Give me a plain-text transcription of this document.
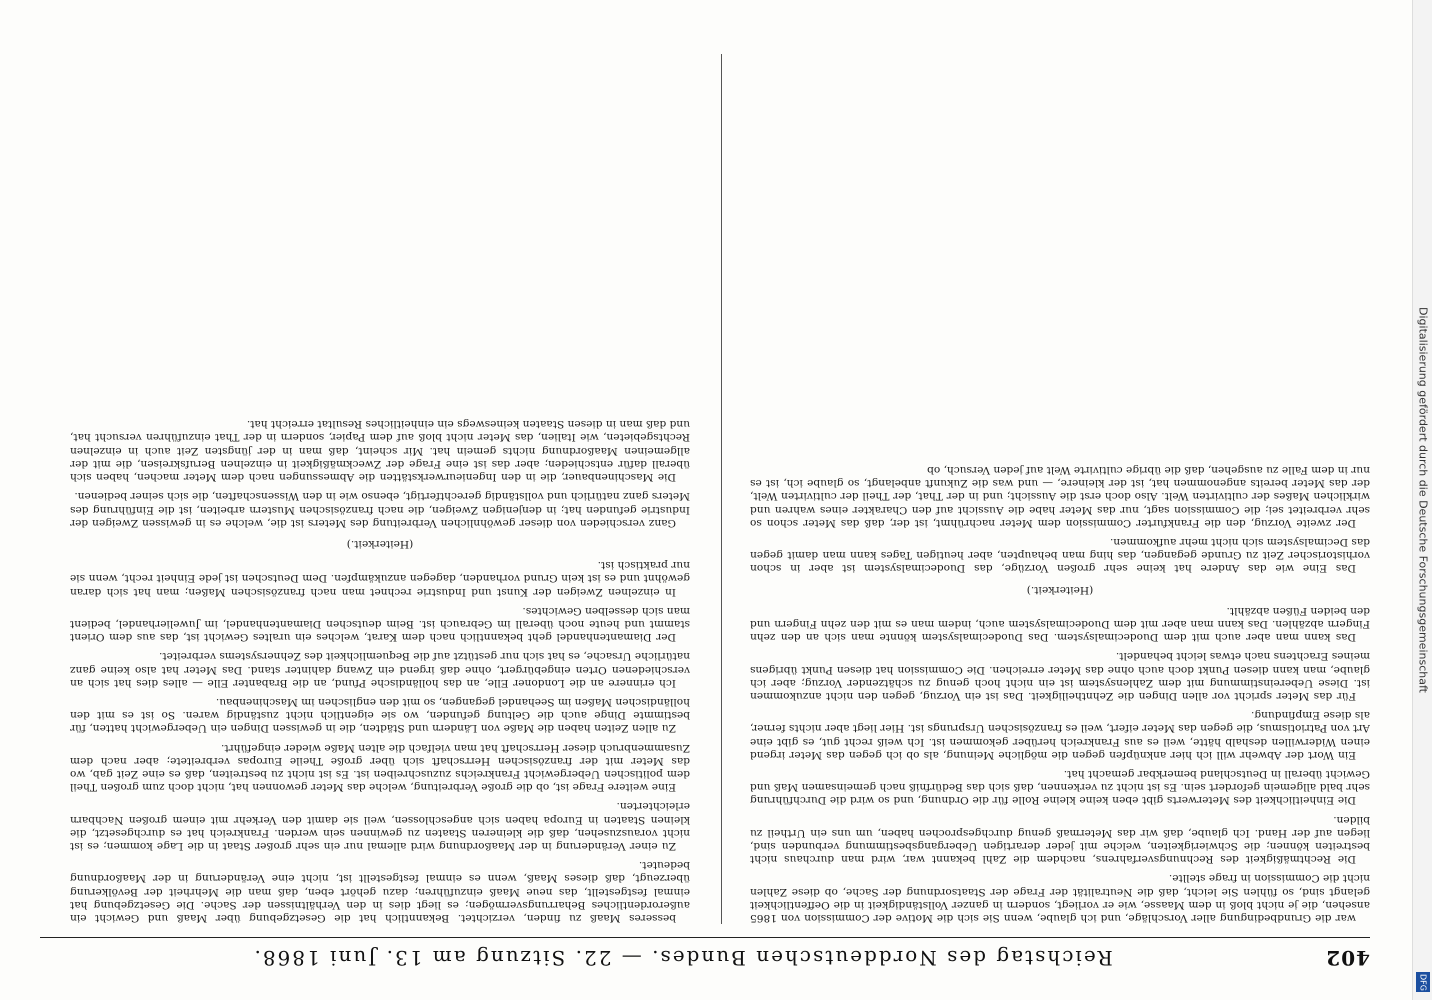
402
Reichstag des Norddeutschen Bundes. — 22. Sitzung am 13. Juni 1868.

war die Grundbedingung aller Vorschläge, und ich glaube, wenn Sie sich die Motive der Commission von 1865 ansehen, die je nicht bloß in dem Maasse, wie er vorliegt, sondern in ganzer Vollständigkeit in die Oeffentlichkeit gelangt sind, so fühlen Sie leicht, daß die Neutralität der Frage der Staatsordnung der Sache, ob diese Zahlen nicht die Commission in frage stellte.

Die Rechtmäßigkeit des Rechnungsverfahrens, nachdem die Zahl bekannt war, wird man durchaus nicht bestreiten können; die Schwierigkeiten, welche mit jeder derartigen Uebergangsbestimmung verbunden sind, liegen auf der Hand. Ich glaube, daß wir das Metermaß genug durchgesprochen haben, um uns ein Urtheil zu bilden.

Die Einheitlichkeit des Meterwerts gibt eben keine kleine Rolle für die Ordnung, und so wird die Durchführung sehr bald allgemein gefordert sein. Es ist nicht zu verkennen, daß sich das Bedürfniß nach gemeinsamen Maß und Gewicht überall in Deutschland bemerkbar gemacht hat.

Ein Wort der Abwehr will ich hier anknüpfen gegen die mögliche Meinung, als ob ich gegen das Meter irgend einen Widerwillen deshalb hätte, weil es aus Frankreich herüber gekommen ist. Ich weiß recht gut, es gibt eine Art von Patriotismus, die gegen das Meter eifert, weil es französischen Ursprungs ist. Hier liegt aber nichts ferner, als diese Empfindung.

Für das Meter spricht vor allen Dingen die Zehntheiligkeit. Das ist ein Vorzug, gegen den nicht anzukommen ist. Diese Uebereinstimmung mit dem Zahlensystem ist ein nicht hoch genug zu schätzender Vorzug; aber ich glaube, man kann diesen Punkt doch auch ohne das Meter erreichen. Die Commission hat diesen Punkt übrigens meines Erachtens nach etwas leicht behandelt.

Das kann man aber auch mit dem Duodecimalsystem. Das Duodecimalsystem könnte man sich an den zehn Fingern abzählen. Das kann man aber mit dem Duodecimalsystem auch, indem man es mit den zehn Fingern und den beiden Füßen abzählt.

(Heiterkeit.)

Das Eine wie das Andere hat keine sehr großen Vorzüge, das Duodecimalsystem ist aber in schon vorhistorischer Zeit zu Grunde gegangen, das hing man behaupten, aber heutigen Tages kann man damit gegen das Decimalsystem sich nicht mehr aufkommen.

Der zweite Vorzug, den die Frankfurter Commission dem Meter nachrühmt, ist der, daß das Meter schon so sehr verbreitet sei; die Commission sagt, nur das Meter habe die Aussicht auf den Charakter eines wahren und wirklichen Maßes der cultivirten Welt. Also doch erst die Aussicht; und in der That, der Theil der cultivirten Welt, der das Meter bereits angenommen hat, ist der kleinere, — und was die Zukunft anbelangt, so glaube ich, ist es nur in dem Falle zu ausgehen, daß die übrige cultivirte Welt auf jeden Versuch, ob

besseres Maaß zu finden, verzichtet. Bekanntlich hat die Gesetzgebung über Maaß und Gewicht ein außerordentliches Beharrungsvermögen; es liegt dies in den Verhältnissen der Sache. Die Gesetzgebung hat einmal festgestellt, das neue Maaß einzuführen; dazu gehört eben, daß man die Mehrheit der Bevölkerung überzeugt, daß dieses Maaß, wenn es einmal festgestellt ist, nicht eine Veränderung in der Maaßordnung bedeutet.

Zu einer Veränderung in der Maaßordnung wird allemal nur ein sehr großer Staat in die Lage kommen; es ist nicht vorauszusehen, daß die kleineren Staaten zu gewinnen sein werden. Frankreich hat es durchgesetzt, die kleinen Staaten in Europa haben sich angeschlossen, weil sie damit den Verkehr mit einem großen Nachbarn erleichterten.

Eine weitere Frage ist, ob die große Verbreitung, welche das Meter gewonnen hat, nicht doch zum großen Theil dem politischen Uebergewicht Frankreichs zuzuschreiben ist. Es ist nicht zu bestreiten, daß es eine Zeit gab, wo das Meter mit der französischen Herrschaft sich über große Theile Europas verbreitete; aber nach dem Zusammenbruch dieser Herrschaft hat man vielfach die alten Maße wieder eingeführt.

Zu allen Zeiten haben die Maße von Ländern und Städten, die in gewissen Dingen ein Uebergewicht hatten, für bestimmte Dinge auch die Geltung gefunden, wo sie eigentlich nicht zuständig waren. So ist es mit den holländischen Maßen im Seehandel gegangen, so mit den englischen im Maschinenbau.

Ich erinnere an die Londoner Elle, an das holländische Pfund, an die Brabanter Elle — alles dies hat sich an verschiedenen Orten eingebürgert, ohne daß irgend ein Zwang dahinter stand. Das Meter hat also keine ganz natürliche Ursache, es hat sich nur gestützt auf die Bequemlichkeit des Zehnersystems verbreitet.

Der Diamantenhandel geht bekanntlich nach dem Karat, welches ein uraltes Gewicht ist, das aus dem Orient stammt und heute noch überall im Gebrauch ist. Beim deutschen Diamantenhandel, im Juwelierhandel, bedient man sich desselben Gewichtes.

In einzelnen Zweigen der Kunst und Industrie rechnet man nach französischen Maßen; man hat sich daran gewöhnt und es ist kein Grund vorhanden, dagegen anzukämpfen. Dem Deutschen ist jede Einheit recht, wenn sie nur praktisch ist.

(Heiterkeit.)

Ganz verschieden von dieser gewöhnlichen Verbreitung des Meters ist die, welche es in gewissen Zweigen der Industrie gefunden hat; in denjenigen Zweigen, die nach französischen Mustern arbeiten, ist die Einführung des Meters ganz natürlich und vollständig gerechtfertigt, ebenso wie in den Wissenschaften, die sich seiner bedienen.

Die Maschinenbauer, die in den Ingenieurwerkstätten die Abmessungen nach dem Meter machen, haben sich überall dafür entschieden; aber das ist eine Frage der Zweckmäßigkeit in einzelnen Berufskreisen, die mit der allgemeinen Maaßordnung nichts gemein hat. Mir scheint, daß man in der jüngsten Zeit auch in einzelnen Rechtsgebieten, wie Italien, das Meter nicht bloß auf dem Papier, sondern in der That einzuführen versucht hat, und daß man in diesen Staaten keineswegs ein einheitliches Resultat erreicht hat.	Digitalisierung gefördert durch die Deutsche Forschungsgemeinschaft
DFG
